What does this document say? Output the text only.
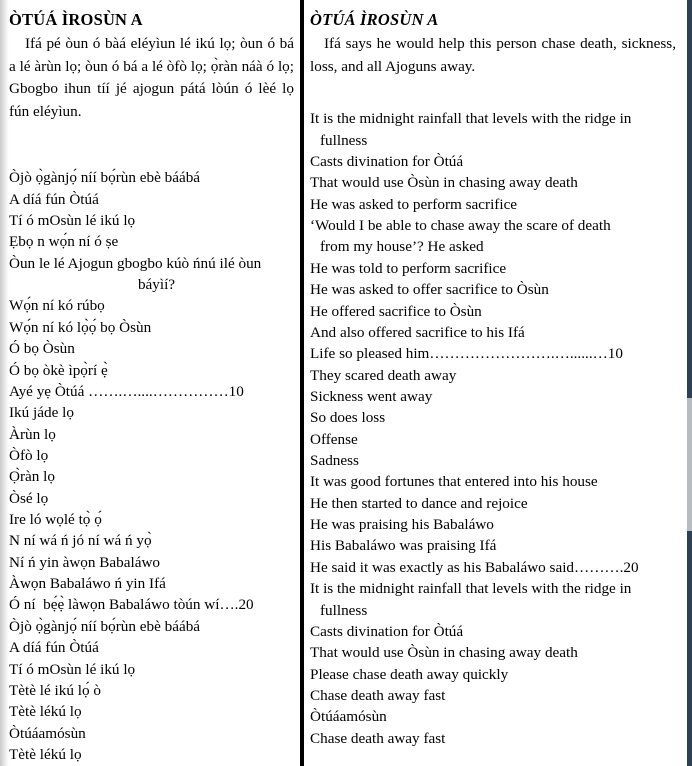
ÒTÚÁ ÌROSÙN A

Ifá pé òun ó bàá eléyìun lé ikú lọ; òun ó bá a lé àrùn lọ; òun ó bá a lé òfò lọ; ọ̀ràn náà ó lọ; Gbogbo ihun tíí jé ajogun pátá lòún ó lèé lọ fún eléyìun.

Òjò ọ̀gànjọ́ níí bọ́rùn ebè báábá
A díá fún Òtúá
Tí ó mOsùn lé ikú lọ
Ẹbọ n wọ́n ní ó ṣe
Òun le lé Ajogun gbogbo kúò ńnú ilé òun
báyìí?
Wọ́n ní kó rúbọ
Wọ́n ní kó lọ̀ọ́ bọ Òsùn
Ó bọ Òsùn
Ó bọ òkè ìpọ̀rí ẹ̀
Ayé yẹ Òtúá …….…....……………10
Ikú jáde lọ
Àrùn lọ
Òfò lọ
Ọ̀ràn lọ
Òsé lọ
Ire ló wọlé tọ̀ ọ́
N ní wá ń jó ní wá ń yọ̀
Ní ń yin àwọn Babaláwo
Àwọn Babaláwo ń yin Ifá
Ó ní  bẹ́ẹ̀ làwọn Babaláwo tòún wí….20
Òjò ọ̀gànjọ́ níí bọ́rùn ebè báábá
A díá fún Òtúá
Tí ó mOsùn lé ikú lọ
Tètè lé ikú lọ́ ò
Tètè lékú lọ
Òtúáamósùn
Tètè lékú lọ
ÒTÚÁ ÌROSÙN A

Ifá says he would help this person chase death, sickness, loss, and all Ajoguns away.

It is the midnight rainfall that levels with the ridge in
fullness
Casts divination for Òtúá
That would use Òsùn in chasing away death
He was asked to perform sacrifice
‘Would I be able to chase away the scare of death
from my house’? He asked
He was told to perform sacrifice
He was asked to offer sacrifice to Òsùn
He offered sacrifice to Òsùn
And also offered sacrifice to his Ifá
Life so pleased him…………………….…......…10
They scared death away
Sickness went away
So does loss
Offense
Sadness
It was good fortunes that entered into his house
He then started to dance and rejoice
He was praising his Babaláwo
His Babaláwo was praising Ifá
He said it was exactly as his Babaláwo said……….20
It is the midnight rainfall that levels with the ridge in
fullness
Casts divination for Òtúá
That would use Òsùn in chasing away death
Please chase death away quickly
Chase death away fast
Òtúáamósùn
Chase death away fast
